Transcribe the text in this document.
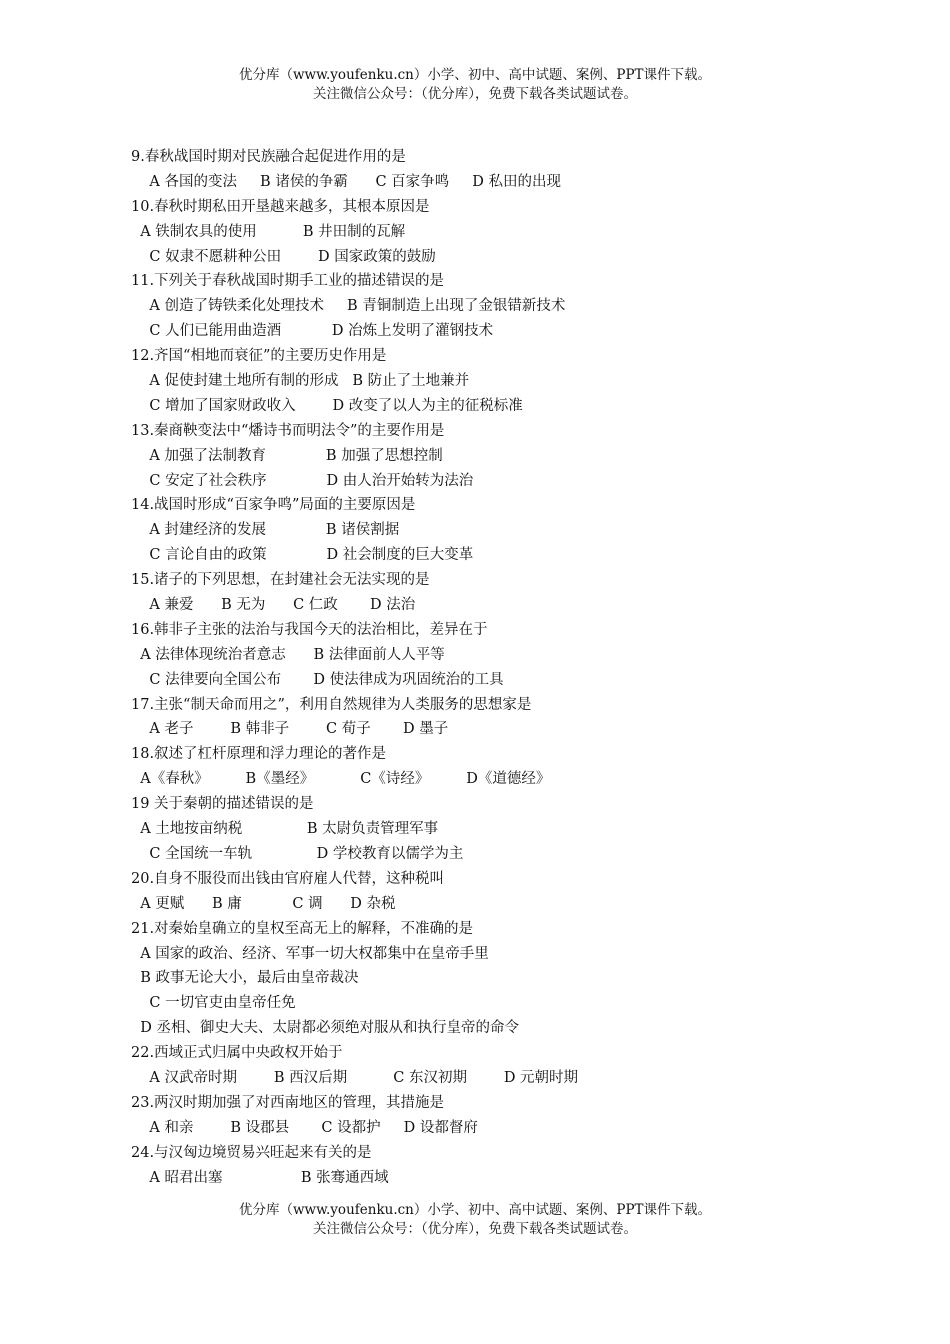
优分库（www.youfenku.cn）小学、初中、高中试题、案例、PPT课件下载。
关注微信公众号：（优分库），免费下载各类试题试卷。
9.春秋战国时期对民族融合起促进作用的是
A 各国的变法     B 诸侯的争霸      C 百家争鸣     D 私田的出现
10.春秋时期私田开垦越来越多，其根本原因是
A 铁制农具的使用          B 井田制的瓦解
C 奴隶不愿耕种公田        D 国家政策的鼓励
11.下列关于春秋战国时期手工业的描述错误的是
A 创造了铸铁柔化处理技术     B 青铜制造上出现了金银错新技术
C 人们已能用曲造酒           D 冶炼上发明了灌钢技术
12.齐国“相地而衰征”的主要历史作用是
A 促使封建土地所有制的形成   B 防止了土地兼并
C 增加了国家财政收入        D 改变了以人为主的征税标准
13.秦商鞅变法中“燔诗书而明法令”的主要作用是
A 加强了法制教育             B 加强了思想控制
C 安定了社会秩序             D 由人治开始转为法治
14.战国时形成“百家争鸣”局面的主要原因是
A 封建经济的发展             B 诸侯割据
C 言论自由的政策             D 社会制度的巨大变革
15.诸子的下列思想，在封建社会无法实现的是
A 兼爱      B 无为      C 仁政       D 法治
16.韩非子主张的法治与我国今天的法治相比，差异在于
A 法律体现统治者意志      B 法律面前人人平等
C 法律要向全国公布       D 使法律成为巩固统治的工具
17.主张“制天命而用之”，利用自然规律为人类服务的思想家是
A 老子        B 韩非子        C 荀子       D 墨子
18.叙述了杠杆原理和浮力理论的著作是
A《春秋》        B《墨经》          C《诗经》        D《道德经》
19 关于秦朝的描述错误的是
A 土地按亩纳税              B 太尉负责管理军事
C 全国统一车轨              D 学校教育以儒学为主
20.自身不服役而出钱由官府雇人代替，这种税叫
A 更赋      B 庸           C 调      D 杂税
21.对秦始皇确立的皇权至高无上的解释，不准确的是
A 国家的政治、经济、军事一切大权都集中在皇帝手里
B 政事无论大小，最后由皇帝裁决
C 一切官吏由皇帝任免
D 丞相、御史大夫、太尉都必须绝对服从和执行皇帝的命令
22.西域正式归属中央政权开始于
A 汉武帝时期        B 西汉后期          C 东汉初期        D 元朝时期
23.两汉时期加强了对西南地区的管理，其措施是
A 和亲        B 设郡县       C 设都护     D 设都督府
24.与汉匈边境贸易兴旺起来有关的是
A 昭君出塞                 B 张骞通西域
优分库（www.youfenku.cn）小学、初中、高中试题、案例、PPT课件下载。
关注微信公众号：（优分库），免费下载各类试题试卷。
